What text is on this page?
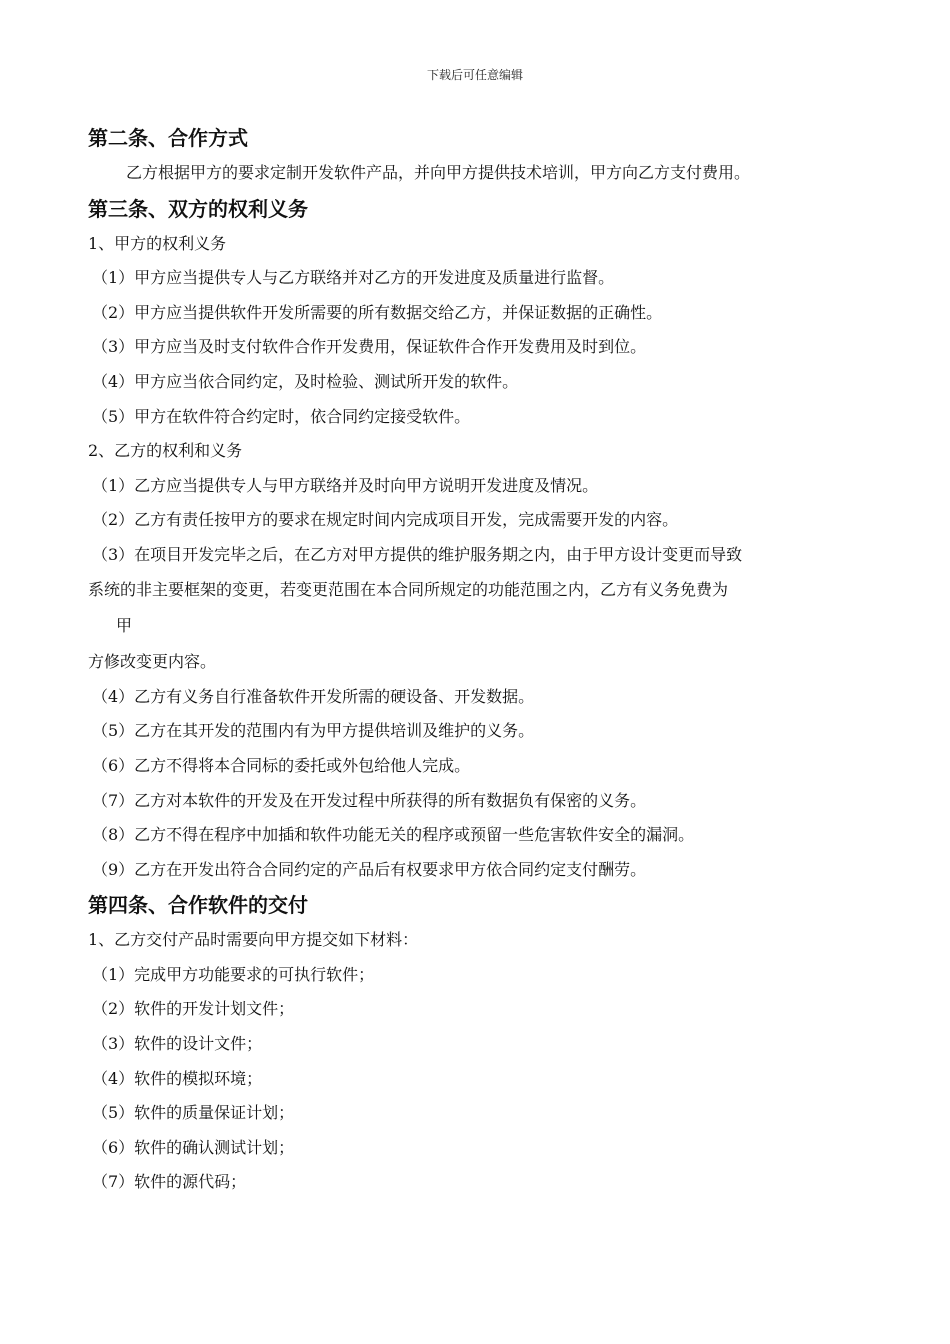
下载后可任意编辑
第二条、合作方式
乙方根据甲方的要求定制开发软件产品，并向甲方提供技术培训，甲方向乙方支付费用。
第三条、双方的权利义务
1、甲方的权利义务
（1）甲方应当提供专人与乙方联络并对乙方的开发进度及质量进行监督。
（2）甲方应当提供软件开发所需要的所有数据交给乙方，并保证数据的正确性。
（3）甲方应当及时支付软件合作开发费用，保证软件合作开发费用及时到位。
（4）甲方应当依合同约定，及时检验、测试所开发的软件。
（5）甲方在软件符合约定时，依合同约定接受软件。
2、乙方的权利和义务
（1）乙方应当提供专人与甲方联络并及时向甲方说明开发进度及情况。
（2）乙方有责任按甲方的要求在规定时间内完成项目开发，完成需要开发的内容。
（3）在项目开发完毕之后，在乙方对甲方提供的维护服务期之内，由于甲方设计变更而导致
系统的非主要框架的变更，若变更范围在本合同所规定的功能范围之内，乙方有义务免费为
甲
方修改变更内容。
（4）乙方有义务自行准备软件开发所需的硬设备、开发数据。
（5）乙方在其开发的范围内有为甲方提供培训及维护的义务。
（6）乙方不得将本合同标的委托或外包给他人完成。
（7）乙方对本软件的开发及在开发过程中所获得的所有数据负有保密的义务。
（8）乙方不得在程序中加插和软件功能无关的程序或预留一些危害软件安全的漏洞。
（9）乙方在开发出符合合同约定的产品后有权要求甲方依合同约定支付酬劳。
第四条、合作软件的交付
1、乙方交付产品时需要向甲方提交如下材料：
（1）完成甲方功能要求的可执行软件；
（2）软件的开发计划文件；
（3）软件的设计文件；
（4）软件的模拟环境；
（5）软件的质量保证计划；
（6）软件的确认测试计划；
（7）软件的源代码；
